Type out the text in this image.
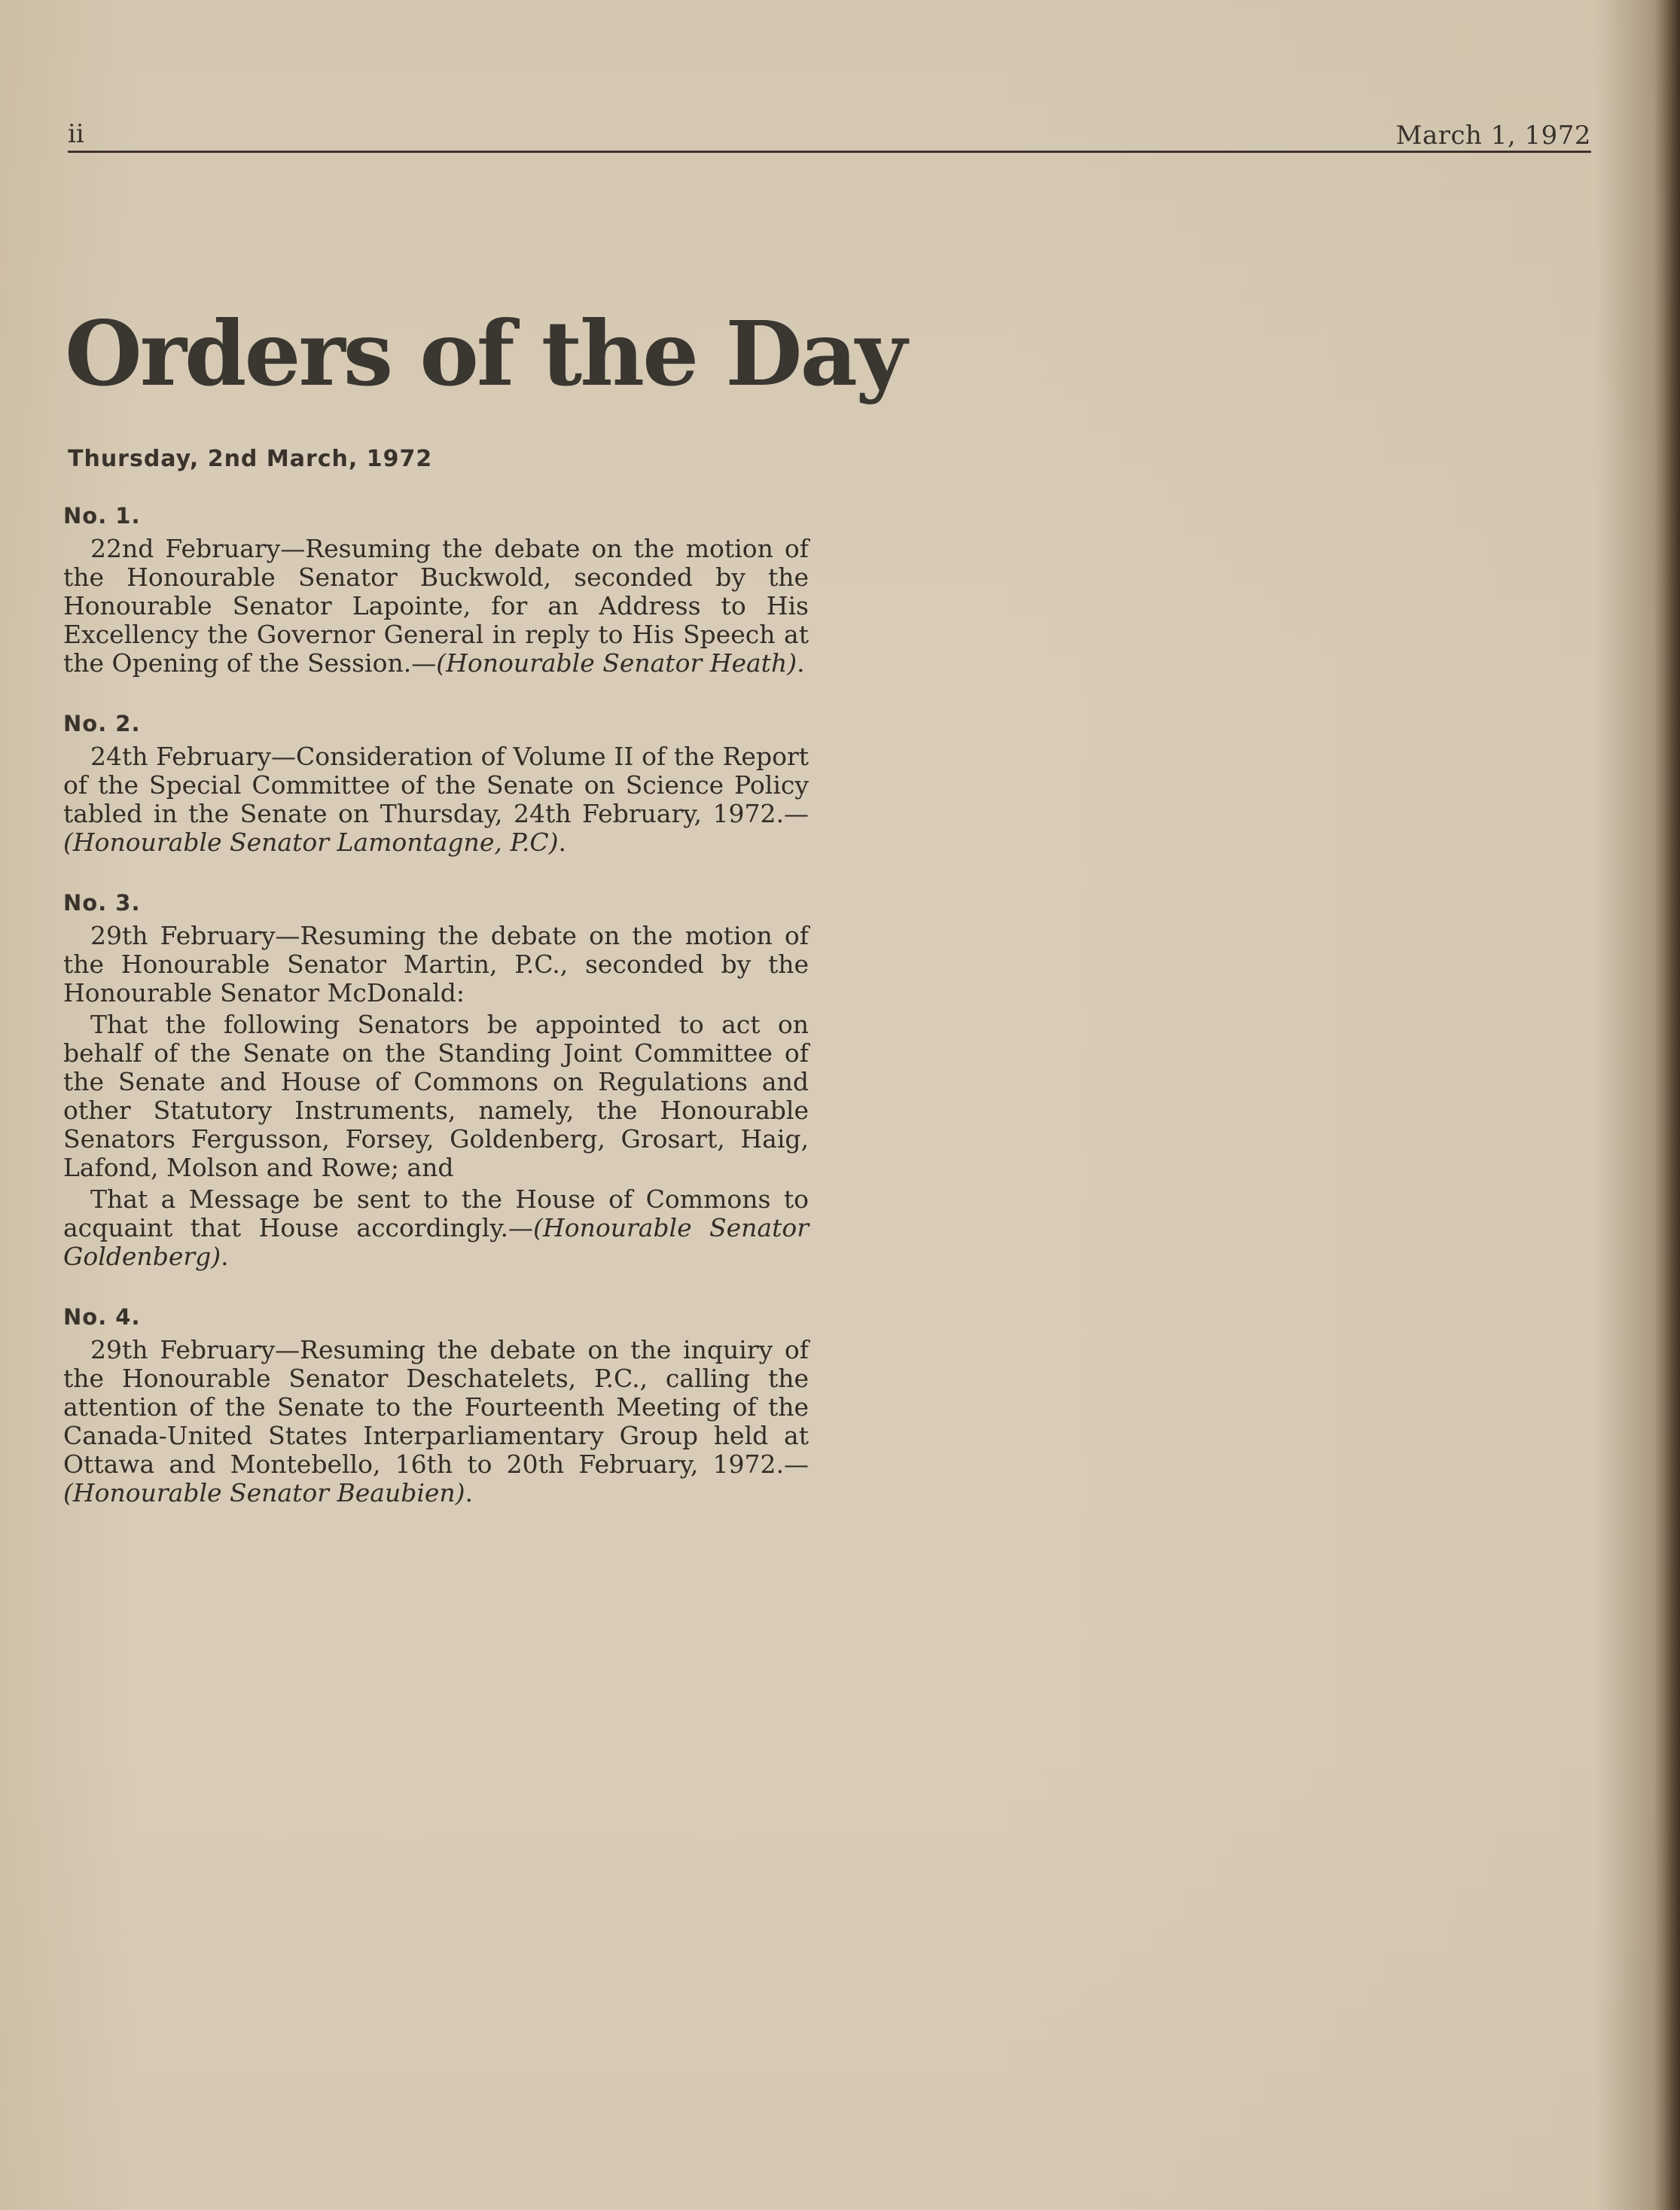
ii	March 1, 1972
Orders of the Day
Thursday, 2nd March, 1972
No. 1.

22nd February—Resuming the debate on the motion of the Honourable Senator Buckwold, seconded by the Honourable Senator Lapointe, for an Address to His Excellency the Governor General in reply to His Speech at the Opening of the Session.—(Honourable Senator Heath).

No. 2.

24th February—Consideration of Volume II of the Report of the Special Committee of the Senate on Science Policy tabled in the Senate on Thursday, 24th February, 1972.—(Honourable Senator Lamontagne, P.C).

No. 3.

29th February—Resuming the debate on the motion of the Honourable Senator Martin, P.C., seconded by the Honourable Senator McDonald:

That the following Senators be appointed to act on behalf of the Senate on the Standing Joint Committee of the Senate and House of Commons on Regulations and other Statutory Instruments, namely, the Honourable Senators Fergusson, Forsey, Goldenberg, Grosart, Haig, Lafond, Molson and Rowe; and

That a Message be sent to the House of Commons to acquaint that House accordingly.—(Honourable Senator Goldenberg).

No. 4.

29th February—Resuming the debate on the inquiry of the Honourable Senator Deschatelets, P.C., calling the attention of the Senate to the Fourteenth Meeting of the Canada-United States Interparliamentary Group held at Ottawa and Montebello, 16th to 20th February, 1972.—(Honourable Senator Beaubien).
